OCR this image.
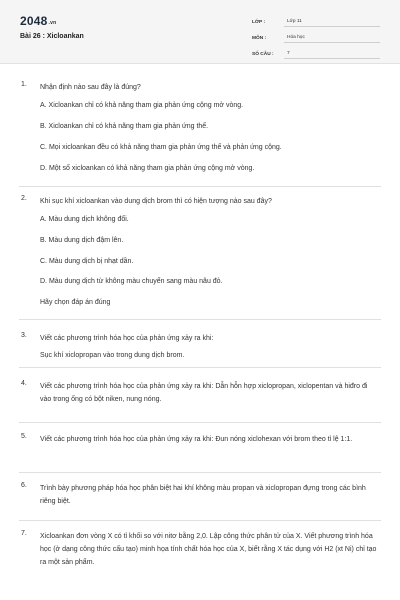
2048.vn
Bài 26 : Xicloankan
LỚP :	Lớp 11
MÔN :	Hóa học
SỐ CÂU :	7
1. Nhận định nào sau đây là đúng?
A. Xicloankan chỉ có khả năng tham gia phản ứng cộng mở vòng.
B. Xicloankan chỉ có khả năng tham gia phản ứng thế.
C. Mọi xicloankan đều có khả năng tham gia phản ứng thế và phản ứng cộng.
D. Một số xicloankan có khả năng tham gia phản ứng cộng mở vòng.
2. Khi sục khí xicloankan vào dung dịch brom thì có hiện tượng nào sau đây?
A. Màu dung dịch không đổi.
B. Màu dung dịch đậm lên.
C. Màu dung dịch bị nhạt dần.
D. Màu dung dịch từ không màu chuyển sang màu nâu đỏ.
Hãy chọn đáp án đúng
3. Viết các phương trình hóa học của phản ứng xảy ra khi:
Sục khí xiclopropan vào trong dung dịch brom.
4. Viết các phương trình hóa học của phản ứng xảy ra khi: Dẫn hỗn hợp xiclopropan, xiclopentan và hiđro đi vào trong ống có bột niken, nung nóng.
5. Viết các phương trình hóa học của phản ứng xảy ra khi: Đun nóng xiclohexan với brom theo tỉ lệ 1:1.
6. Trình bày phương pháp hóa học phân biệt hai khí không màu propan và xiclopropan đựng trong các bình riêng biệt.
7. Xicloankan đơn vòng X có tỉ khối so với nitơ bằng 2,0. Lập công thức phân tử của X. Viết phương trình hóa học (ở dạng công thức cấu tạo) minh họa tính chất hóa học của X, biết rằng X tác dụng với H2 (xt Ni) chỉ tạo ra một sản phẩm.
